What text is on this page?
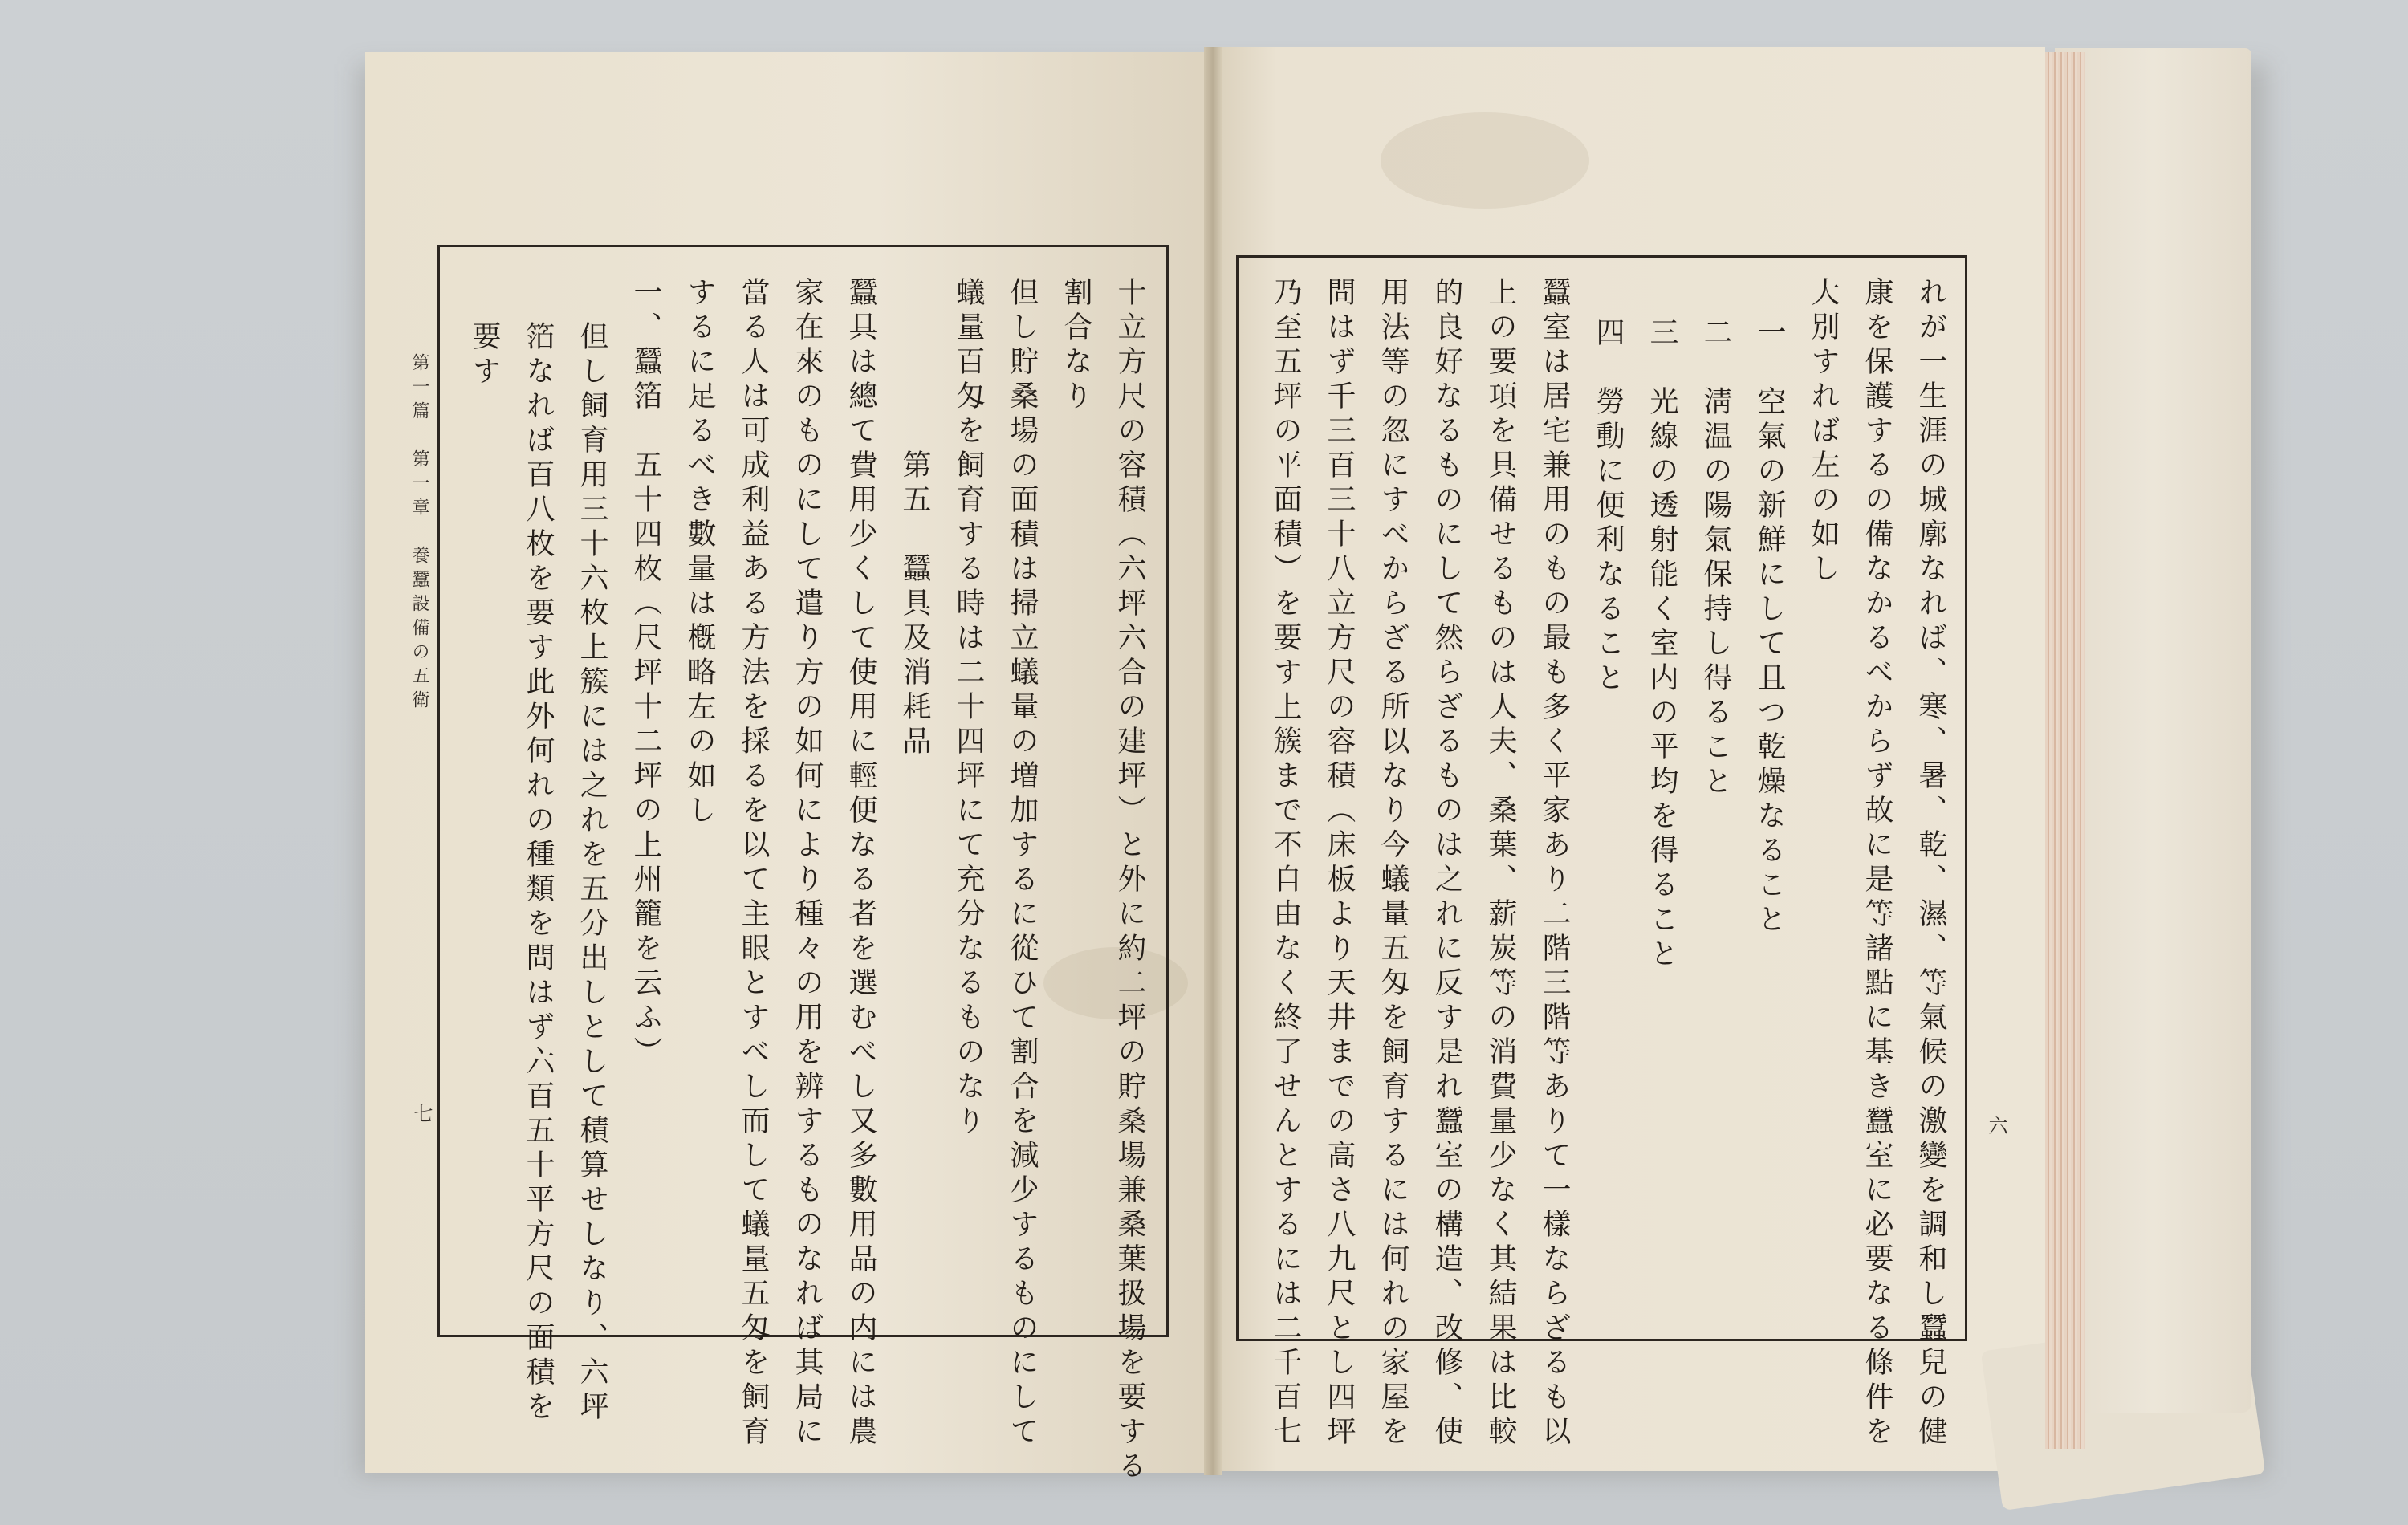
第一篇　第一章　養蠶設備の五衛
七	十立方尺の容積（六坪六合の建坪）と外に約二坪の貯桑場兼桑葉扱場を要する
割合なり
但し貯桑場の面積は掃立蟻量の増加するに從ひて割合を減少するものにして
蟻量百匁を飼育する時は二十四坪にて充分なるものなり
第五　蠶具及消耗品
蠶具は總て費用少くして使用に輕便なる者を選むべし又多數用品の内には農
家在來のものにして遣り方の如何により種々の用を辨するものなれば其局に
當る人は可成利益ある方法を採るを以て主眼とすべし而して蟻量五匁を飼育
するに足るべき數量は槪略左の如し
一、蠶箔　五十四枚（尺坪十二坪の上州籠を云ふ）
但し飼育用三十六枚上簇には之れを五分出しとして積算せしなり、六坪
箔なれば百八枚を要す此外何れの種類を問はず六百五十平方尺の面積を
要す
六
れが一生涯の城廓なれば、寒、暑、乾、濕、等氣候の激變を調和し蠶兒の健
康を保護するの備なかるべからず故に是等諸點に基き蠶室に必要なる條件を
大別すれば左の如し
一　空氣の新鮮にして且つ乾燥なること
二　淸温の陽氣保持し得ること
三　光線の透射能く室内の平均を得ること
四　勞動に便利なること
蠶室は居宅兼用のもの最も多く平家あり二階三階等ありて一樣ならざるも以
上の要項を具備せるものは人夫、桑葉、薪炭等の消費量少なく其結果は比較
的良好なるものにして然らざるものは之れに反す是れ蠶室の構造、改修、使
用法等の忽にすべからざる所以なり今蟻量五匁を飼育するには何れの家屋を
問はず千三百三十八立方尺の容積（床板より天井までの高さ八九尺とし四坪
乃至五坪の平面積）を要す上簇まで不自由なく終了せんとするには二千百七
